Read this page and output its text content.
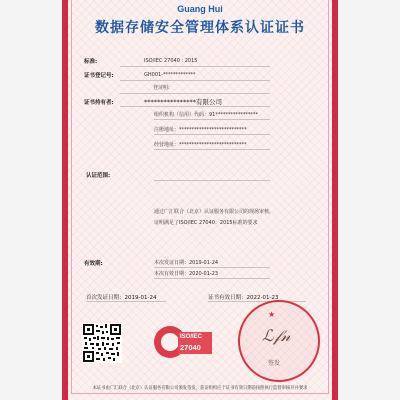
Guang Hui
数据存储安全管理体系认证证书
标准:	ISO/IEC 27040 : 2015
证书登记号:	GH001-*************
登证明:
证书持有者:	****************有限公司
组织机构（信用）代码：91*****************
注册地址：***************************
经营地址：***************************
认证范围:
通过广汇联合（北京）认证服务有限公司的现场审核，
证明满足了ISO/IEC 27040：2015标准的要求
有效期:	本次发证日期：2019-01-24
本次有效日期：2020-01-23
首次发证日期：2019-01-24	证书有效日期：2022-01-23
ISO/IEC
27040
★
ℒ𝒻𝓃
签发
本证书由广汇联合（北京）认证服务有限公司颁发签发，获证组织应于证书有效日期前按照执行监督审核开并要求
